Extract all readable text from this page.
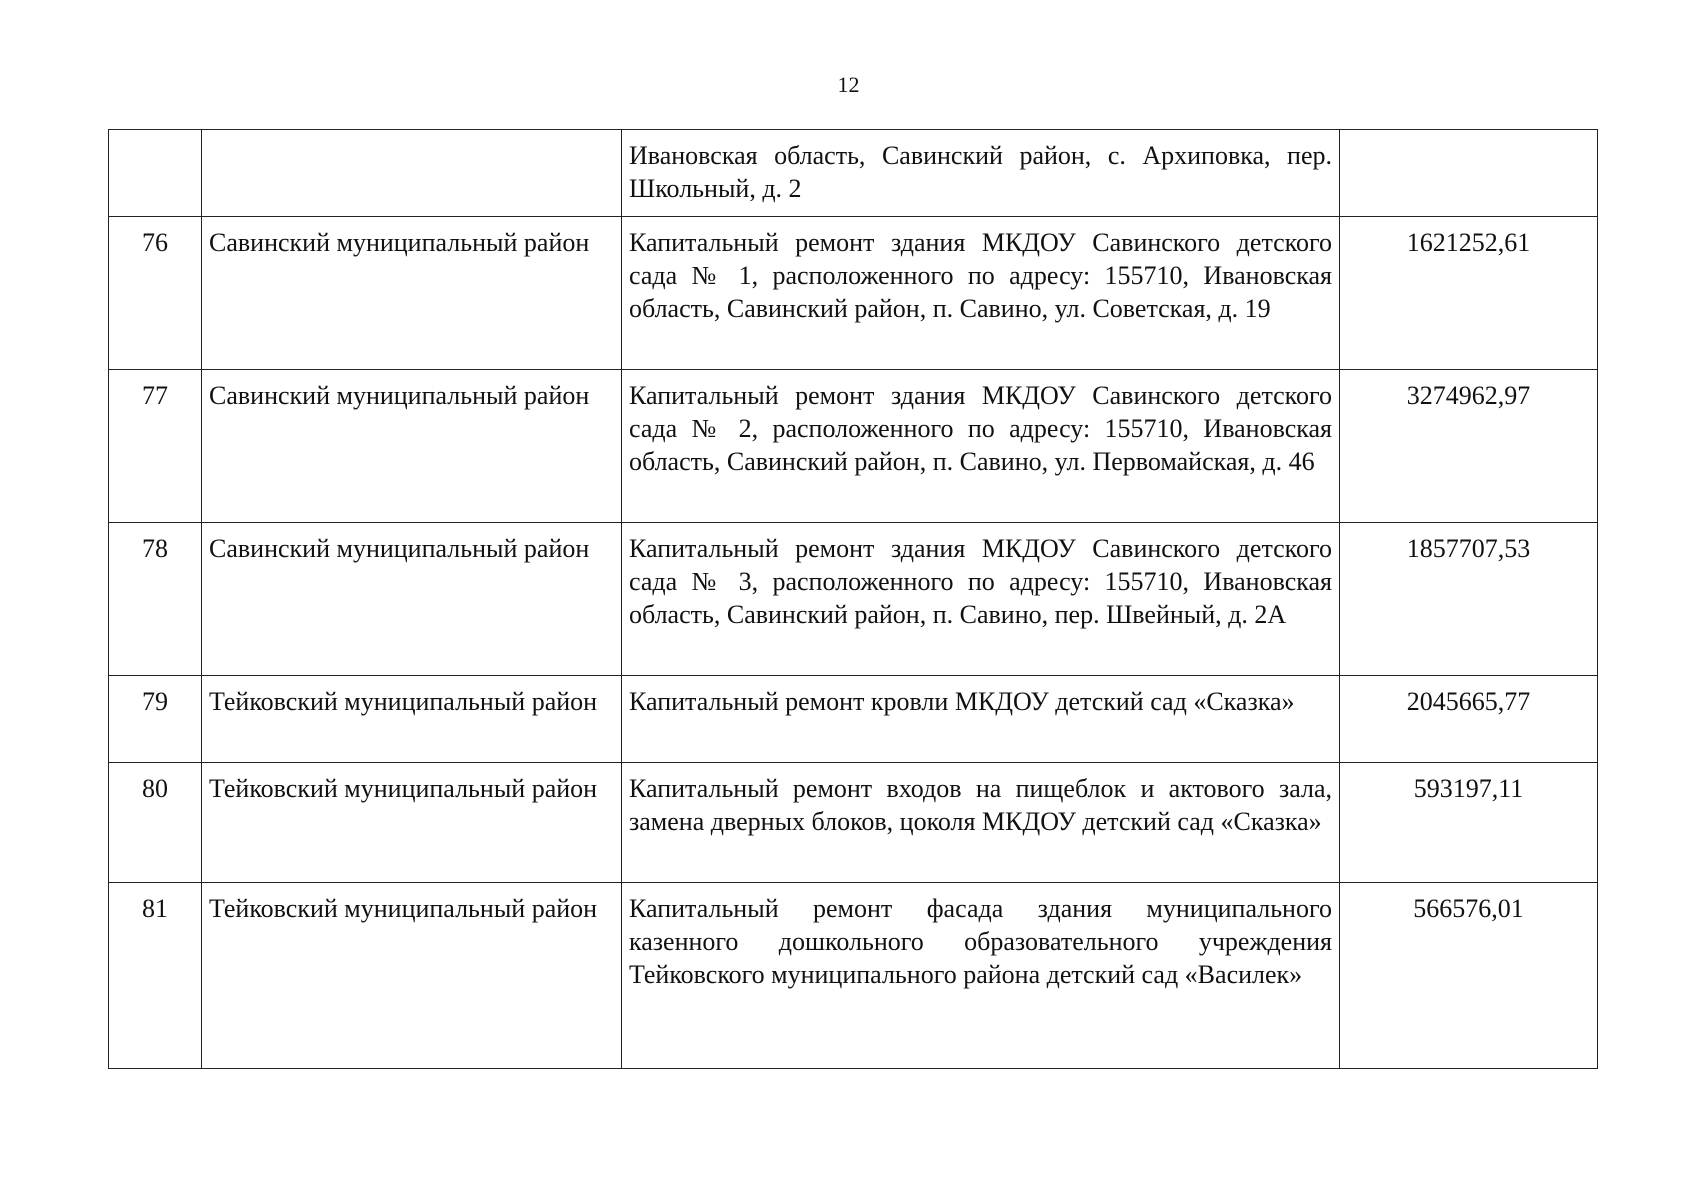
12
		Ивановская область, Савинский район, с. Архиповка, пер. Школьный, д. 2	
76	Савинский муниципальный район	Капитальный ремонт здания МКДОУ Савинского детского сада № 1, расположенного по адресу: 155710, Ивановская область, Савинский район, п. Савино, ул. Советская, д. 19	1621252,61
77	Савинский муниципальный район	Капитальный ремонт здания МКДОУ Савинского детского сада № 2, расположенного по адресу: 155710, Ивановская область, Савинский район, п. Савино, ул. Первомайская, д. 46	3274962,97
78	Савинский муниципальный район	Капитальный ремонт здания МКДОУ Савинского детского сада № 3, расположенного по адресу: 155710, Ивановская область, Савинский район, п. Савино, пер. Швейный, д. 2А	1857707,53
79	Тейковский муниципальный район	Капитальный ремонт кровли МКДОУ детский сад «Сказка»	2045665,77
80	Тейковский муниципальный район	Капитальный ремонт входов на пищеблок и актового зала, замена дверных блоков, цоколя МКДОУ детский сад «Сказка»	593197,11
81	Тейковский муниципальный район	Капитальный ремонт фасада здания муниципального казенного дошкольного образовательного учреждения Тейковского муниципального района детский сад «Василек»	566576,01
